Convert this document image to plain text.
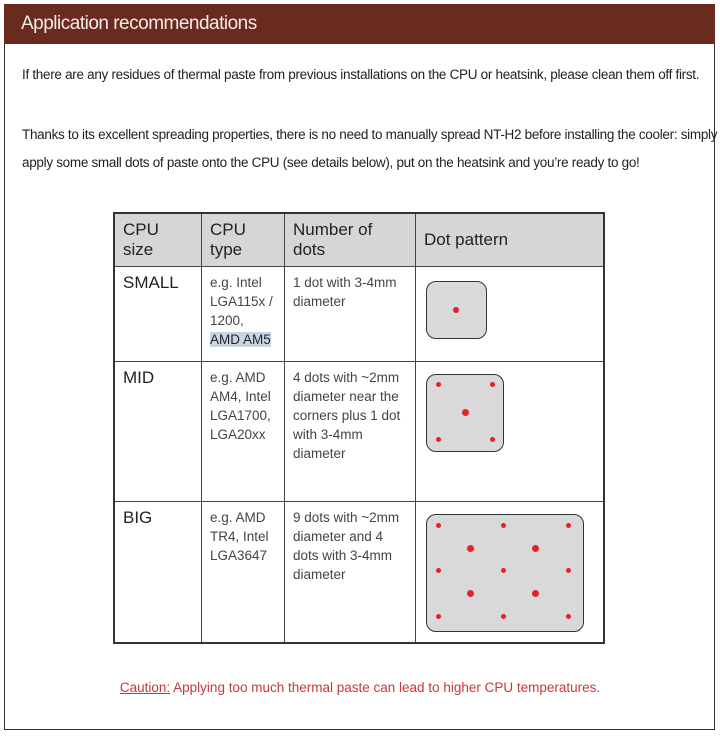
Application recommendations
If there are any residues of thermal paste from previous installations on the CPU or heatsink, please clean them off first.
Thanks to its excellent spreading properties, there is no need to manually spread NT-H2 before installing the cooler: simply
apply some small dots of paste onto the CPU (see details below), put on the heatsink and you’re ready to go!
CPU size	CPU type	Number of dots	Dot pattern
SMALL	e.g. Intel LGA115x / 1200, AMD AM5	1 dot with 3-4mm diameter	

MID	e.g. AMD AM4, Intel LGA1700, LGA20xx	4 dots with ~2mm diameter near the corners plus 1 dot with 3-4mm diameter	

BIG	e.g. AMD TR4, Intel LGA3647	9 dots with ~2mm diameter and 4 dots with 3-4mm diameter	
Caution: Applying too much thermal paste can lead to higher CPU temperatures.
